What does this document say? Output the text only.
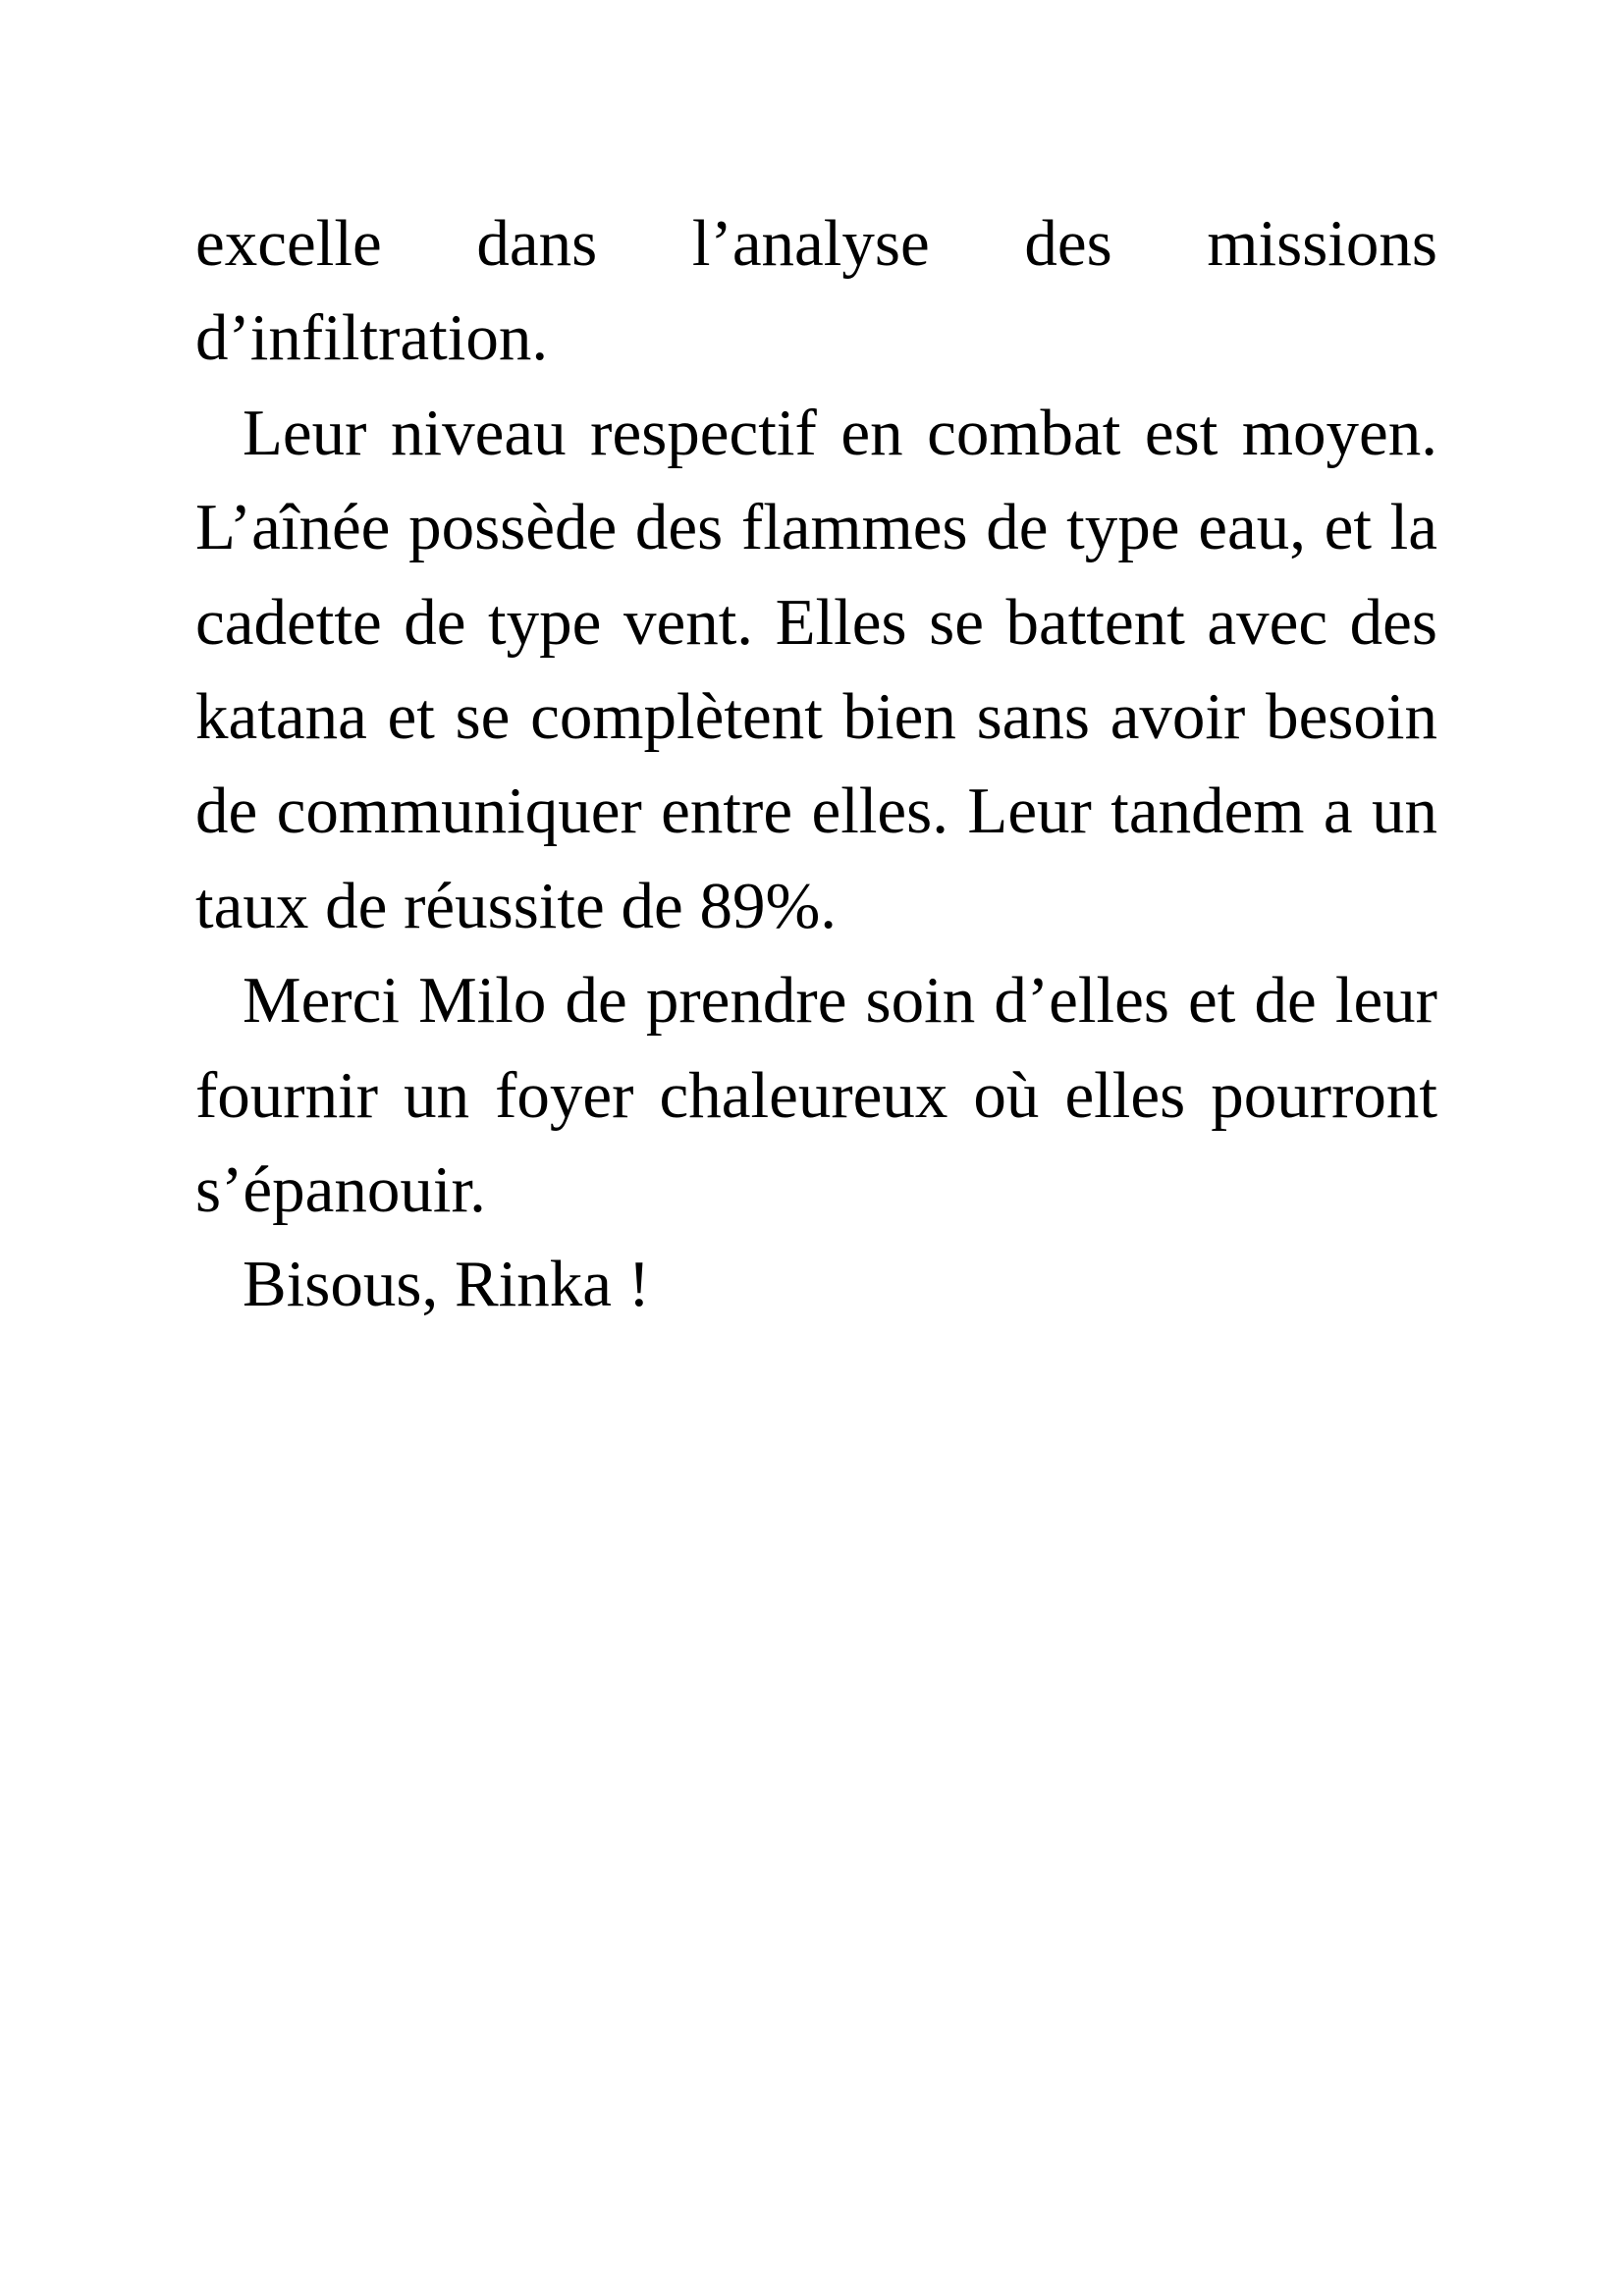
excelle dans l’analyse des missions d’infiltration.

Leur niveau respectif en combat est moyen. L’aînée possède des flammes de type eau, et la cadette de type vent. Elles se battent avec des katana et se complètent bien sans avoir besoin de communiquer entre elles. Leur tandem a un taux de réussite de 89%.

Merci Milo de prendre soin d’elles et de leur fournir un foyer chaleureux où elles pourront s’épanouir.

Bisous, Rinka !
